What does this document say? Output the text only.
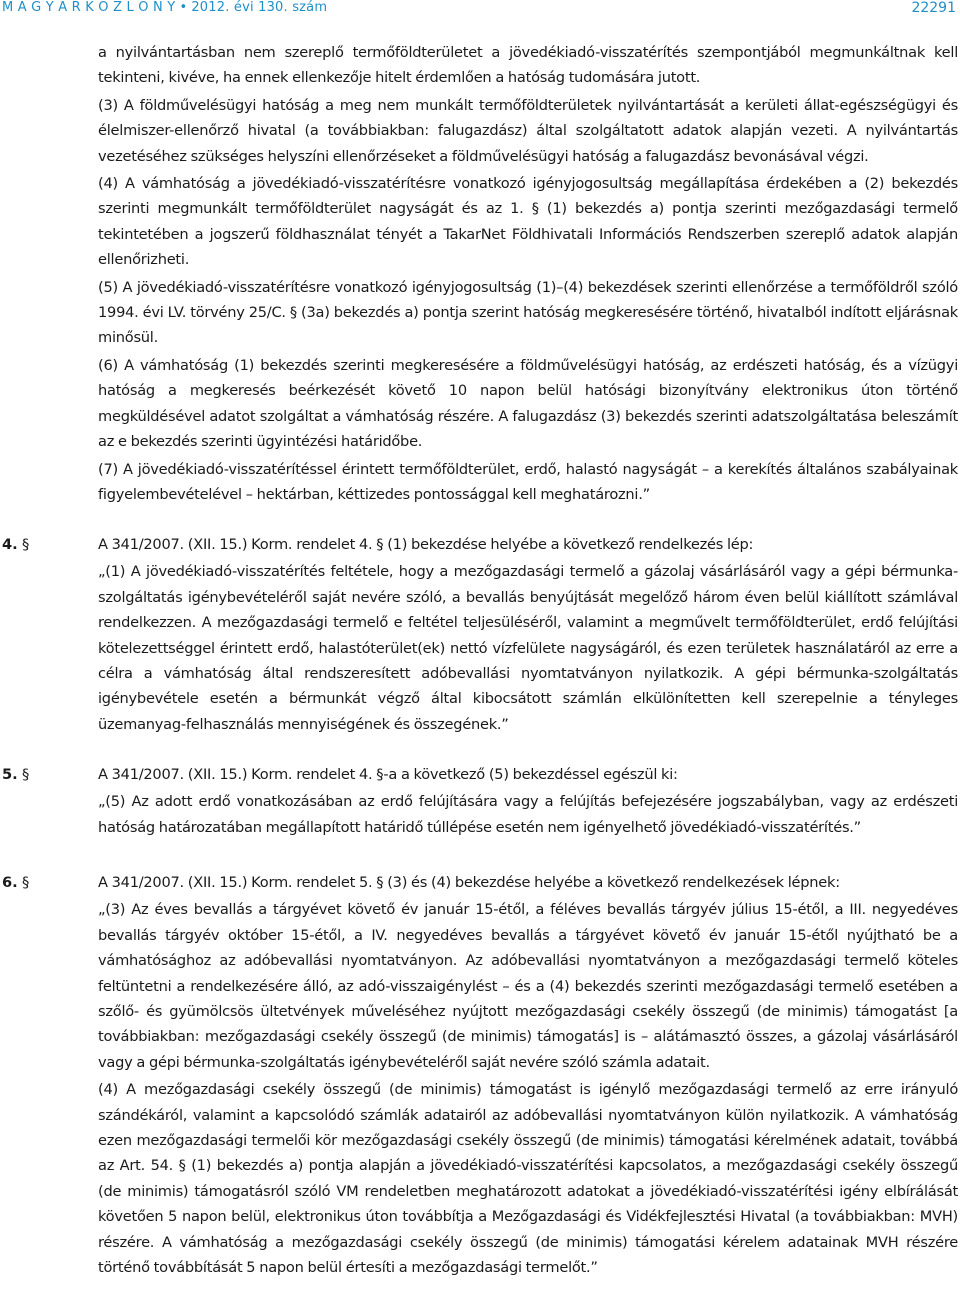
M A G Y A R K Ö Z L Ö N Y • 2012. évi 130. szám	22291

a nyilvántartásban nem szereplő termőföldterületet a jövedékiadó-visszatérítés szempontjából megmunkáltnak kell tekinteni, kivéve, ha ennek ellenkezője hitelt érdemlően a hatóság tudomására jutott.

(3) A földművelésügyi hatóság a meg nem munkált termőföldterületek nyilvántartását a kerületi állat-egészségügyi és élelmiszer-ellenőrző hivatal (a továbbiakban: falugazdász) által szolgáltatott adatok alapján vezeti. A nyilvántartás vezetéséhez szükséges helyszíni ellenőrzéseket a földművelésügyi hatóság a falugazdász bevonásával végzi.

(4) A vámhatóság a jövedékiadó-visszatérítésre vonatkozó igényjogosultság megállapítása érdekében a (2) bekezdés szerinti megmunkált termőföldterület nagyságát és az 1. § (1) bekezdés a) pontja szerinti mezőgazdasági termelő tekintetében a jogszerű földhasználat tényét a TakarNet Földhivatali Információs Rendszerben szereplő adatok alapján ellenőrizheti.

(5) A jövedékiadó-visszatérítésre vonatkozó igényjogosultság (1)–(4) bekezdések szerinti ellenőrzése a termőföldről szóló 1994. évi LV. törvény 25/C. § (3a) bekezdés a) pontja szerint hatóság megkeresésére történő, hivatalból indított eljárásnak minősül.

(6) A vámhatóság (1) bekezdés szerinti megkeresésére a földművelésügyi hatóság, az erdészeti hatóság, és a vízügyi hatóság a megkeresés beérkezését követő 10 napon belül hatósági bizonyítvány elektronikus úton történő megküldésével adatot szolgáltat a vámhatóság részére. A falugazdász (3) bekezdés szerinti adatszolgáltatása beleszámít az e bekezdés szerinti ügyintézési határidőbe.

(7) A jövedékiadó-visszatérítéssel érintett termőföldterület, erdő, halastó nagyságát – a kerekítés általános szabályainak figyelembevételével – hektárban, kéttizedes pontossággal kell meghatározni.”

4. §	A 341/2007. (XII. 15.) Korm. rendelet 4. § (1) bekezdése helyébe a következő rendelkezés lép:

„(1) A jövedékiadó-visszatérítés feltétele, hogy a mezőgazdasági termelő a gázolaj vásárlásáról vagy a gépi bérmunka-szolgáltatás igénybevételéről saját nevére szóló, a bevallás benyújtását megelőző három éven belül kiállított számlával rendelkezzen. A mezőgazdasági termelő e feltétel teljesüléséről, valamint a megművelt termőföldterület, erdő felújítási kötelezettséggel érintett erdő, halastóterület(ek) nettó vízfelülete nagyságáról, és ezen területek használatáról az erre a célra a vámhatóság által rendszeresített adóbevallási nyomtatványon nyilatkozik. A gépi bérmunka-szolgáltatás igénybevétele esetén a bérmunkát végző által kibocsátott számlán elkülönítetten kell szerepelnie a tényleges üzemanyag-felhasználás mennyiségének és összegének.”

5. §	A 341/2007. (XII. 15.) Korm. rendelet 4. §-a a következő (5) bekezdéssel egészül ki:

„(5) Az adott erdő vonatkozásában az erdő felújítására vagy a felújítás befejezésére jogszabályban, vagy az erdészeti hatóság határozatában megállapított határidő túllépése esetén nem igényelhető jövedékiadó-visszatérítés.”

6. §	A 341/2007. (XII. 15.) Korm. rendelet 5. § (3) és (4) bekezdése helyébe a következő rendelkezések lépnek:

„(3) Az éves bevallás a tárgyévet követő év január 15-étől, a féléves bevallás tárgyév július 15-étől, a III. negyedéves bevallás tárgyév október 15-étől, a IV. negyedéves bevallás a tárgyévet követő év január 15-étől nyújtható be a vámhatósághoz az adóbevallási nyomtatványon. Az adóbevallási nyomtatványon a mezőgazdasági termelő köteles feltüntetni a rendelkezésére álló, az adó-visszaigénylést – és a (4) bekezdés szerinti mezőgazdasági termelő esetében a szőlő- és gyümölcsös ültetvények műveléséhez nyújtott mezőgazdasági csekély összegű (de minimis) támogatást [a továbbiakban: mezőgazdasági csekély összegű (de minimis) támogatás] is – alátámasztó összes, a gázolaj vásárlásáról vagy a gépi bérmunka-szolgáltatás igénybevételéről saját nevére szóló számla adatait.

(4) A mezőgazdasági csekély összegű (de minimis) támogatást is igénylő mezőgazdasági termelő az erre irányuló szándékáról, valamint a kapcsolódó számlák adatairól az adóbevallási nyomtatványon külön nyilatkozik. A vámhatóság ezen mezőgazdasági termelői kör mezőgazdasági csekély összegű (de minimis) támogatási kérelmének adatait, továbbá az Art. 54. § (1) bekezdés a) pontja alapján a jövedékiadó-visszatérítési kapcsolatos, a mezőgazdasági csekély összegű (de minimis) támogatásról szóló VM rendeletben meghatározott adatokat a jövedékiadó-visszatérítési igény elbírálását követően 5 napon belül, elektronikus úton továbbítja a Mezőgazdasági és Vidékfejlesztési Hivatal (a továbbiakban: MVH) részére. A vámhatóság a mezőgazdasági csekély összegű (de minimis) támogatási kérelem adatainak MVH részére történő továbbítását 5 napon belül értesíti a mezőgazdasági termelőt.”
